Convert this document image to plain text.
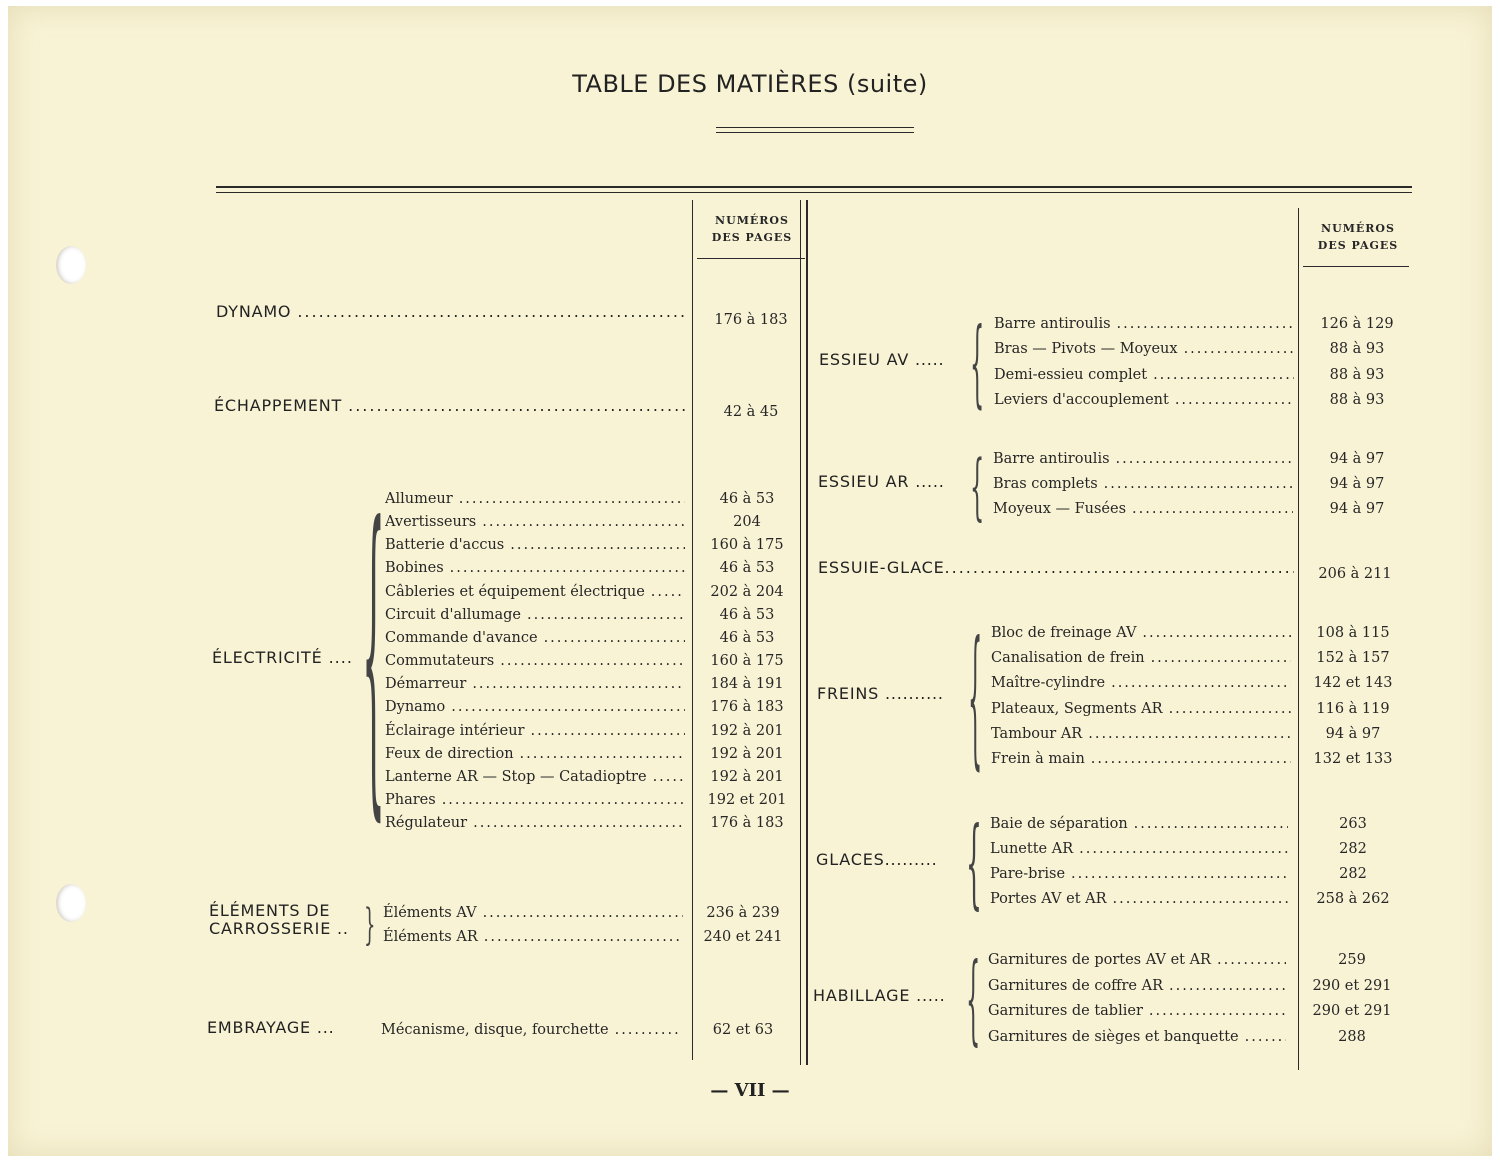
TABLE DES MATIÈRES (suite)
NUMÉROS
DES PAGES
NUMÉROS
DES PAGES
DYNAMO .....	176 à 183
ÉCHAPPEMENT .....	42 à 45
ÉLECTRICITÉ .... { Allumeur .....	46 à 53
Avertisseurs .....	204
Batterie d'accus .....	160 à 175
Bobines .....	46 à 53
Câbleries et équipement électrique .....	202 à 204
Circuit d'allumage .....	46 à 53
Commande d'avance .....	46 à 53
Commutateurs .....	160 à 175
Démarreur .....	184 à 191
Dynamo .....	176 à 183
Éclairage intérieur .....	192 à 201
Feux de direction .....	192 à 201
Lanterne AR — Stop — Catadioptre .....	192 à 201
Phares .....	192 et 201
Régulateur .....	176 à 183
ÉLÉMENTS DE
CARROSSERIE .. } Éléments AV .....	236 à 239
Éléments AR .....	240 et 241
EMBRAYAGE ...	Mécanisme, disque, fourchette .....	62 et 63
ESSIEU AV ..... { Barre antiroulis .....	126 à 129
Bras — Pivots — Moyeux .....	88 à 93
Demi-essieu complet .....	88 à 93
Leviers d'accouplement .....	88 à 93
ESSIEU AR ..... { Barre antiroulis .....	94 à 97
Bras complets .....	94 à 97
Moyeux — Fusées .....	94 à 97
ESSUIE-GLACE .....	206 à 211
FREINS .......... { Bloc de freinage AV .....	108 à 115
Canalisation de frein .....	152 à 157
Maître-cylindre .....	142 et 143
Plateaux, Segments AR .....	116 à 119
Tambour AR .....	94 à 97
Frein à main .....	132 et 133
GLACES......... { Baie de séparation .....	263
Lunette AR .....	282
Pare-brise .....	282
Portes AV et AR .....	258 à 262
HABILLAGE ..... { Garnitures de portes AV et AR .....	259
Garnitures de coffre AR .....	290 et 291
Garnitures de tablier .....	290 et 291
Garnitures de sièges et banquette .....	288
— VII —
